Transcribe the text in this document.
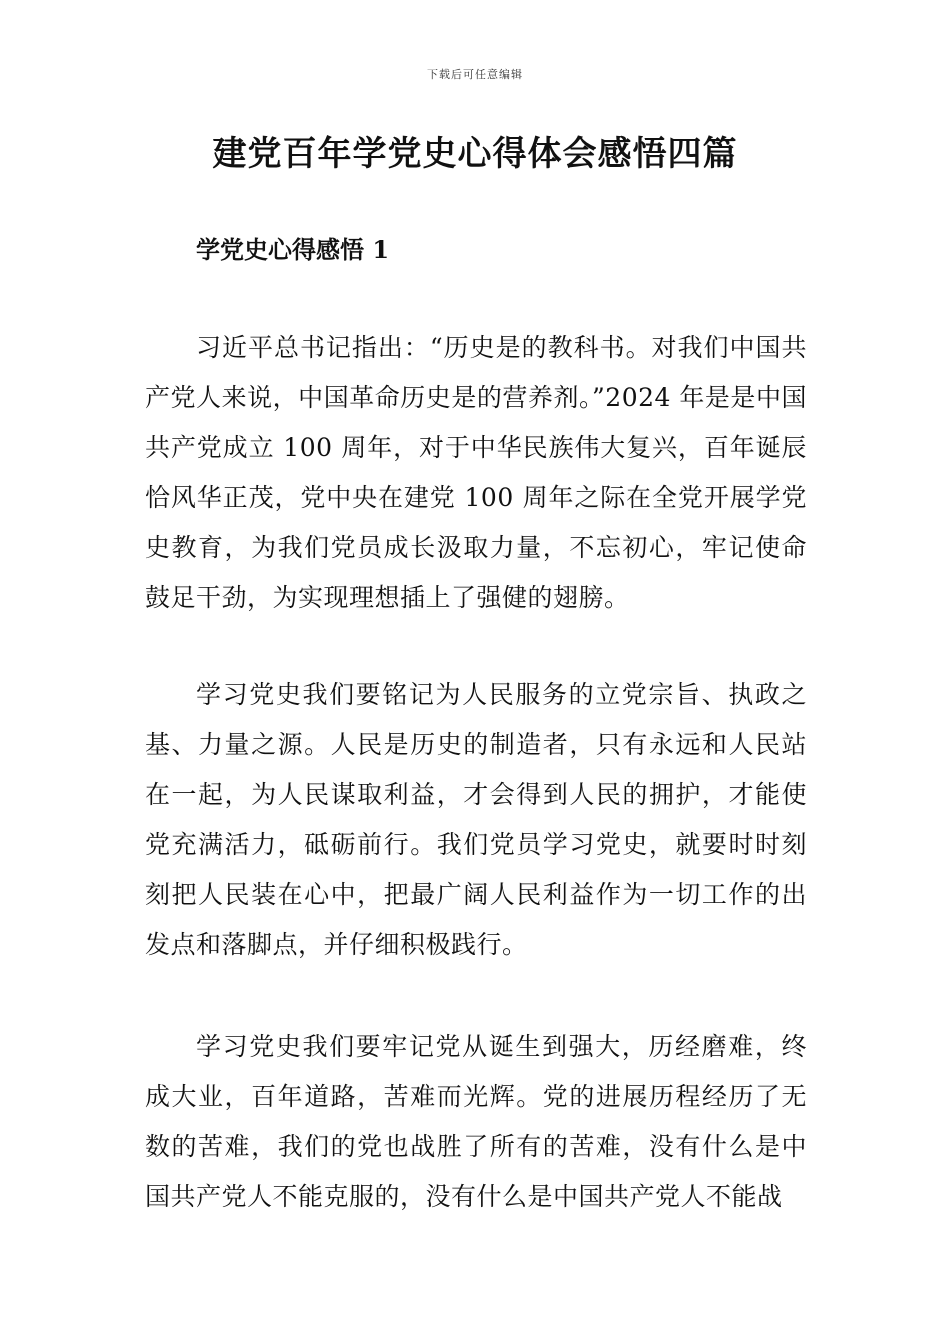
下载后可任意编辑
建党百年学党史心得体会感悟四篇
学党史心得感悟 1

习近平总书记指出：“历史是的教科书。对我们中国共产党人来说，中国革命历史是的营养剂。”2024 年是是中国共产党成立 100 周年，对于中华民族伟大复兴，百年诞辰恰风华正茂，党中央在建党 100 周年之际在全党开展学党史教育，为我们党员成长汲取力量，不忘初心，牢记使命鼓足干劲，为实现理想插上了强健的翅膀。

学习党史我们要铭记为人民服务的立党宗旨、执政之基、力量之源。人民是历史的制造者，只有永远和人民站在一起，为人民谋取利益，才会得到人民的拥护，才能使党充满活力，砥砺前行。我们党员学习党史，就要时时刻刻把人民装在心中，把最广阔人民利益作为一切工作的出发点和落脚点，并仔细积极践行。

学习党史我们要牢记党从诞生到强大，历经磨难，终成大业，百年道路，苦难而光辉。党的进展历程经历了无数的苦难，我们的党也战胜了所有的苦难，没有什么是中国共产党人不能克服的，没有什么是中国共产党人不能战
